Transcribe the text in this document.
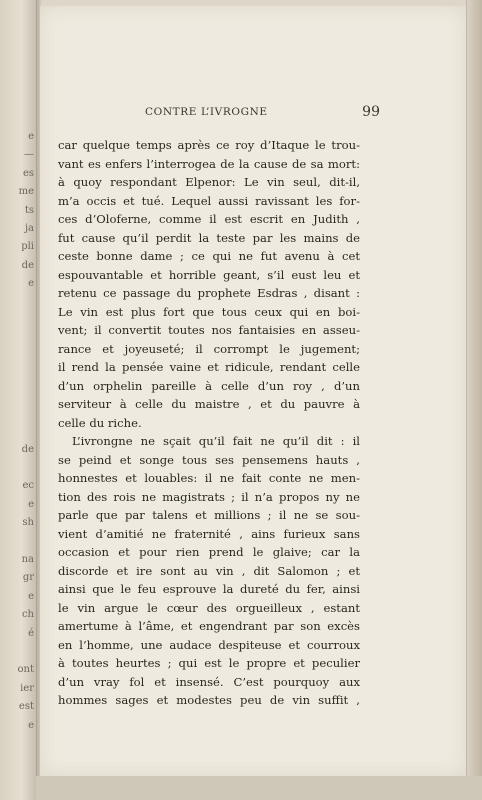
e
—
es
me
ts
ja
pli
de
e
de
ec
e
sh
na
gr
e
ch
é
ont
ier
est
e
CONTRE L’IVROGNE	99
car quelque temps après ce roy d’Itaque le trou-
vant es enfers l’interrogea de la cause de sa mort:
à quoy respondant Elpenor: Le vin seul, dit-il,
m’a occis et tué. Lequel aussi ravissant les for-
ces d’Oloferne, comme il est escrit en Judith ,
fut cause qu’il perdit la teste par les mains de
ceste bonne dame ; ce qui ne fut avenu à cet
espouvantable et horrible geant, s’il eust leu et
retenu ce passage du prophete Esdras , disant :
Le vin est plus fort que tous ceux qui en boi-
vent; il convertit toutes nos fantaisies en asseu-
rance et joyeuseté; il corrompt le jugement;
il rend la pensée vaine et ridicule, rendant celle
d’un orphelin pareille à celle d’un roy , d’un
serviteur à celle du maistre , et du pauvre à
celle du riche.
L’ivrongne ne sçait qu’il fait ne qu’il dit : il
se peind et songe tous ses pensemens hauts ,
honnestes et louables: il ne fait conte ne men-
tion des rois ne magistrats ; il n’a propos ny ne
parle que par talens et millions ; il ne se sou-
vient d’amitié ne fraternité , ains furieux sans
occasion et pour rien prend le glaive; car la
discorde et ire sont au vin , dit Salomon ; et
ainsi que le feu esprouve la dureté du fer, ainsi
le vin argue le cœur des orgueilleux , estant
amertume à l’âme, et engendrant par son excès
en l’homme, une audace despiteuse et courroux
à toutes heurtes ; qui est le propre et peculier
d’un vray fol et insensé. C’est pourquoy aux
hommes sages et modestes peu de vin suffit ,
